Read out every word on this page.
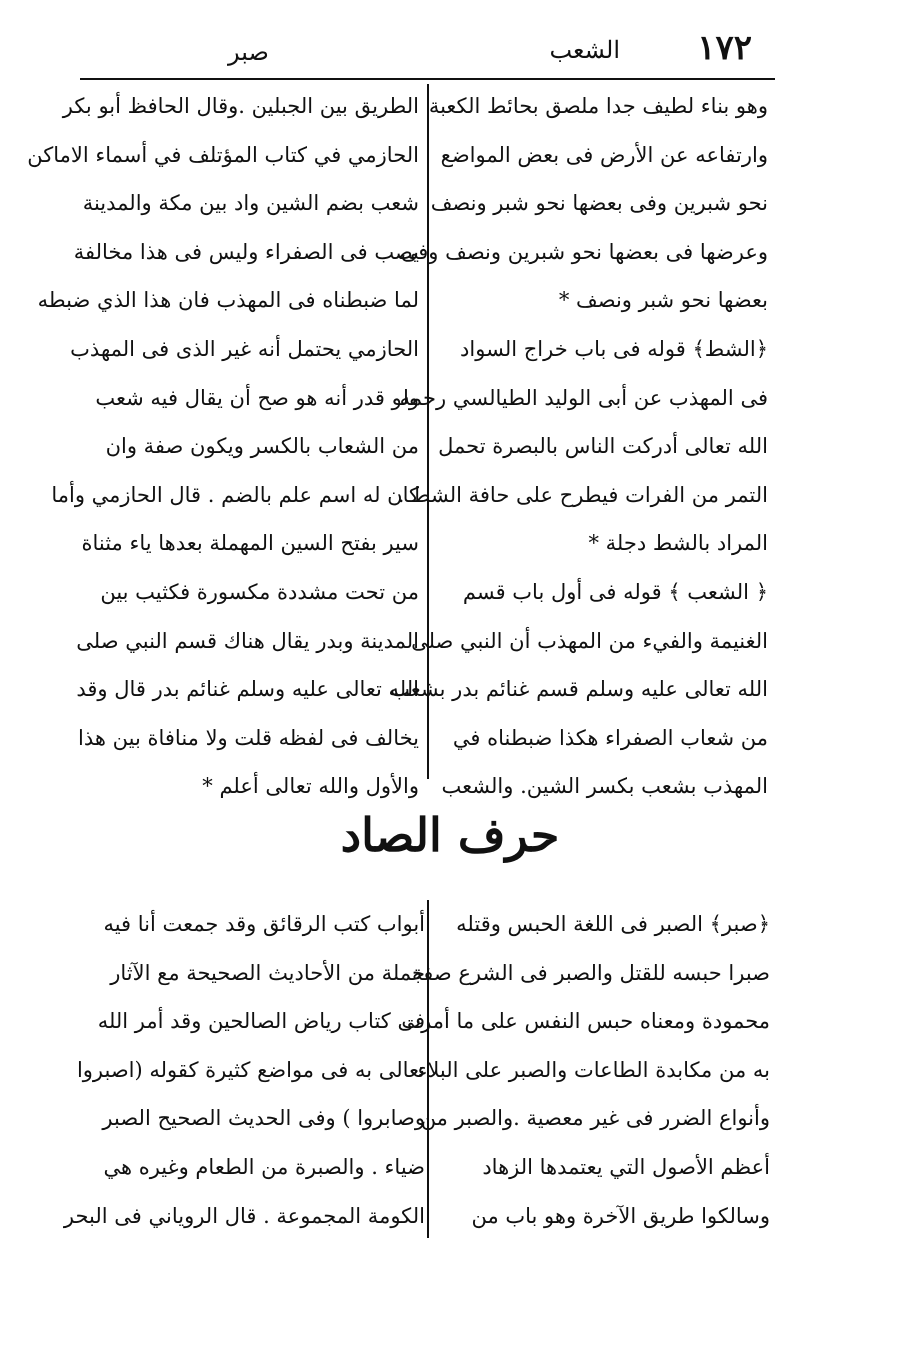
١٧٢
الشعب
صبر
وهو بناء لطيف جدا ملصق بحائط الكعبة
وارتفاعه عن الأرض فى بعض المواضع
نحو شبرين وفى بعضها نحو شبر ونصف
وعرضها فى بعضها نحو شبرين ونصف وفى
بعضها نحو شبر ونصف *
﴿الشط﴾ قوله فى باب خراج السواد
فى المهذب عن أبى الوليد الطيالسي رحمه
الله تعالى أدركت الناس بالبصرة تحمل
التمر من الفرات فيطرح على حافة الشط .
المراد بالشط دجلة *
﴿ الشعب ﴾ قوله فى أول باب قسم
الغنيمة والفيء من المهذب أن النبي صلى
الله تعالى عليه وسلم قسم غنائم بدر بشعب
من شعاب الصفراء هكذا ضبطناه في
المهذب بشعب بكسر الشين. والشعب
الطريق بين الجبلين .وقال الحافظ أبو بكر
الحازمي في كتاب المؤتلف في أسماء الاماكن
شعب بضم الشين واد بين مكة والمدينة
يصب فى الصفراء وليس فى هذا مخالفة
لما ضبطناه فى المهذب فان هذا الذي ضبطه
الحازمي يحتمل أنه غير الذى فى المهذب
ولو قدر أنه هو صح أن يقال فيه شعب
من الشعاب بالكسر ويكون صفة وان
كان له اسم علم بالضم . قال الحازمي وأما
سير بفتح السين المهملة بعدها ياء مثناة
من تحت مشددة مكسورة فكثيب بين
المدينة وبدر يقال هناك قسم النبي صلى
الله تعالى عليه وسلم غنائم بدر قال وقد
يخالف فى لفظه قلت ولا منافاة بين هذا
والأول والله تعالى أعلم *
حرف الصاد
﴿صبر﴾ الصبر فى اللغة الحبس وقتله
صبرا حبسه للقتل والصبر فى الشرع صفة
محمودة ومعناه حبس النفس على ما أمرت
به من مكابدة الطاعات والصبر على البلاء
وأنواع الضرر فى غير معصية .والصبر من
أعظم الأصول التي يعتمدها الزهاد
وسالكوا طريق الآخرة وهو باب من
أبواب كتب الرقائق وقد جمعت أنا فيه
جملة من الأحاديث الصحيحة مع الآثار
فى كتاب رياض الصالحين وقد أمر الله
تعالى به فى مواضع كثيرة كقوله (اصبروا
وصابروا ) وفى الحديث الصحيح الصبر
ضياء . والصبرة من الطعام وغيره هي
الكومة المجموعة . قال الروياني فى البحر
